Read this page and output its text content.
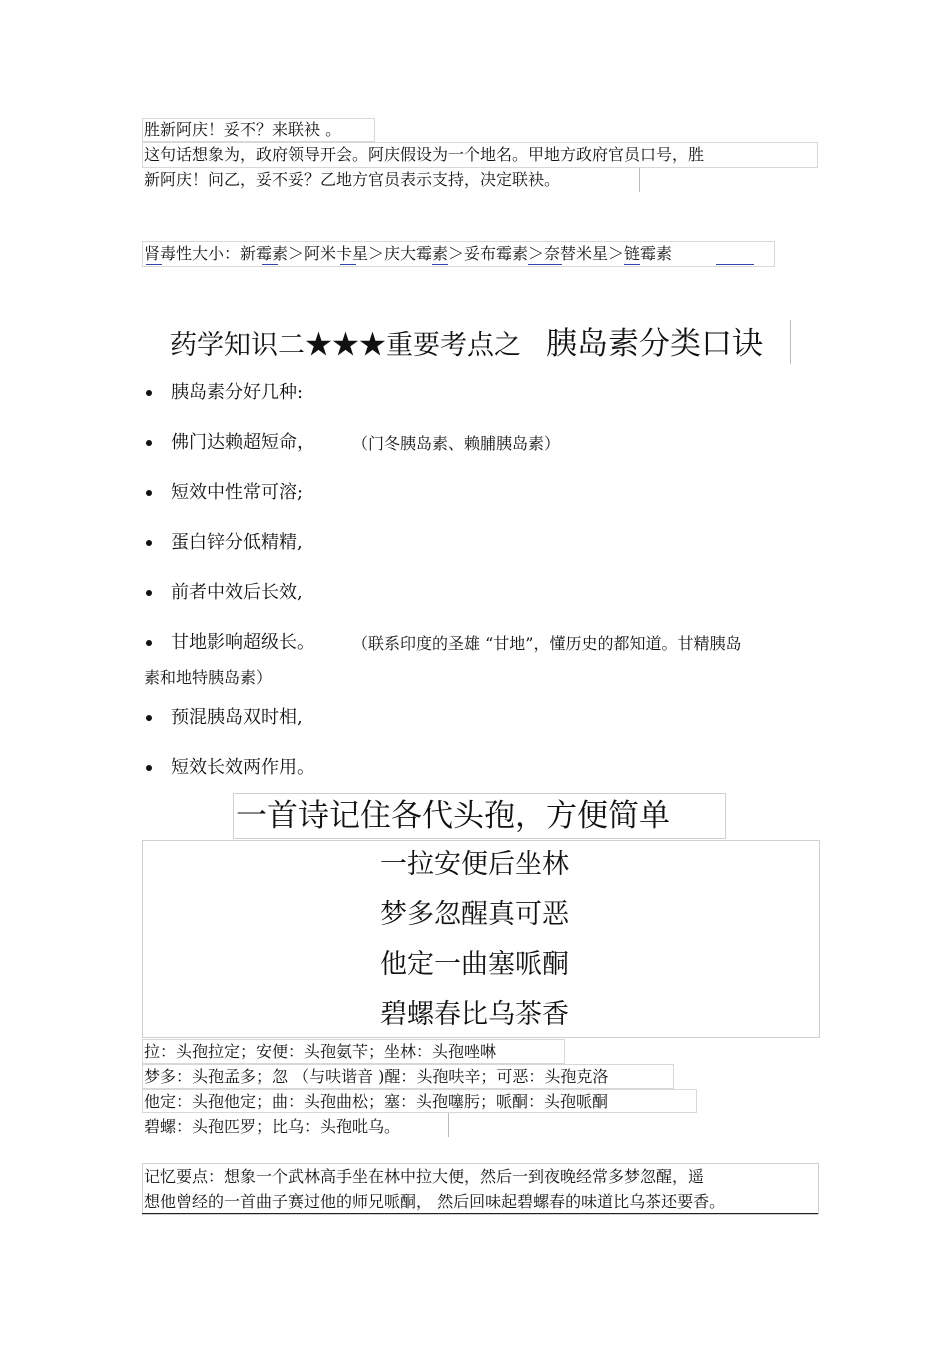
胜新阿庆！妥不？来联袂 。
这句话想象为，政府领导开会。阿庆假设为一个地名。甲地方政府官员口号，胜
新阿庆！问乙，妥不妥？乙地方官员表示支持，决定联袂。
肾毒性大小：新霉素＞阿米卡星＞庆大霉素＞妥布霉素＞奈替米星＞链霉素
药学知识二★★★重要考点之 胰岛素分类口诀
胰岛素分好几种:
佛门达赖超短命， （门冬胰岛素、赖脯胰岛素）
短效中性常可溶;
蛋白锌分低精精,
前者中效后长效,
甘地影响超级长。 （联系印度的圣雄 “甘地”，懂历史的都知道。甘精胰岛
素和地特胰岛素）
预混胰岛双时相,
短效长效两作用。
一首诗记住各代头孢，方便简单
一拉安便后坐林
梦多忽醒真可恶
他定一曲塞哌酮
碧螺春比乌茶香
拉：头孢拉定；安便：头孢氨苄；坐林：头孢唑啉
梦多：头孢孟多；忽 （与呋谐音 )醒：头孢呋辛；可恶：头孢克洛
他定：头孢他定；曲：头孢曲松；塞：头孢噻肟；哌酮：头孢哌酮
碧螺：头孢匹罗；比乌：头孢吡乌。
记忆要点：想象一个武林高手坐在林中拉大便，然后一到夜晚经常多梦忽醒，遥
想他曾经的一首曲子赛过他的师兄哌酮， 然后回味起碧螺春的味道比乌茶还要香。
